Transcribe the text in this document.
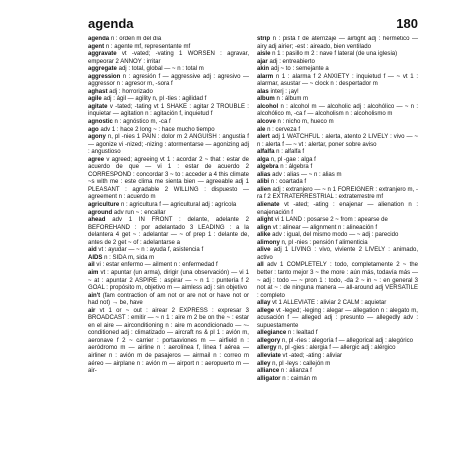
agenda	180

agenda n : orden m del día

agent n : agente mf, representante mf

aggravate vt -vated; -vating 1 WORSEN : agravar, empeorar 2 ANNOY : irritar

aggregate adj : total, global — ~ n : total m

aggression n : agresión f — aggressive adj : agresivo — aggressor n : agresor m, -sora f

aghast adj : horrorizado

agile adj : ágil — agility n, pl -ties : agilidad f

agitate v -tated; -tating vt 1 SHAKE : agitar 2 TROUBLE : inquietar — agitation n : agitación f, inquietud f

agnostic n : agnóstico m, -ca f

ago adv 1 : hace 2 long ~ : hace mucho tiempo

agony n, pl -nies 1 PAIN : dolor m 2 ANGUISH : angustia f — agonize vi -nized; -nizing : atormentarse — agonizing adj : angustioso

agree v agreed; agreeing vt 1 : acordar 2 ~ that : estar de acuerdo de que — vi 1 : estar de acuerdo 2 CORRESPOND : concordar 3 ~ to : acceder a 4 this climate ~s with me : este clima me sienta bien — agreeable adj 1 PLEASANT : agradable 2 WILLING : dispuesto — agreement n : acuerdo m

agriculture n : agricultura f — agricultural adj : agrícola

aground adv run ~ : encallar

ahead adv 1 IN FRONT : delante, adelante 2 BEFOREHAND : por adelantado 3 LEADING : a la delantera 4 get ~ : adelantar — ~ of prep 1 : delante de, antes de 2 get ~ of : adelantarse a

aid vt : ayudar — ~ n : ayuda f, asistencia f

AIDS n : SIDA m, sida m

ail vi : estar enfermo — ailment n : enfermedad f

aim vt : apuntar (un arma), dirigir (una observación) — vi 1 ~ at : apuntar 2 ASPIRE : aspirar — ~ n 1 : puntería f 2 GOAL : propósito m, objetivo m — aimless adj : sin objetivo

ain't (fam contraction of am not or are not or have not or had not) → be, have

air vt 1 or ~ out : airear 2 EXPRESS : expresar 3 BROADCAST : emitir — ~ n 1 : aire m 2 be on the ~ : estar en el aire — airconditioning n : aire m acondicionado — ~-conditioned adj : climatizado — aircraft ns & pl 1 : avión m, aeronave f 2 ~ carrier : portaaviones m — airfield n : aeródromo m — airline n : aerolínea f, línea f aérea — airliner n : avión m de pasajeros — airmail n : correo m aéreo — airplane n : avión m — airport n : aeropuerto m — air-

strip n : pista f de aterrizaje — airtight adj : hermético — airy adj airier; -est : aireado, bien ventilado

aisle n 1 : pasillo m 2 : nave f lateral (de una iglesia)

ajar adj : entreabierto

akin adj ~ to : semejante a

alarm n 1 : alarma f 2 ANXIETY : inquietud f — ~ vt 1 : alarmar, asustar — ~ clock n : despertador m

alas interj : ¡ay!

album n : álbum m

alcohol n : alcohol m — alcoholic adj : alcohólico — ~ n : alcohólico m, -ca f — alcoholism n : alcoholismo m

alcove n : nicho m, hueco m

ale n : cerveza f

alert adj 1 WATCHFUL : alerta, atento 2 LIVELY : vivo — ~ n : alerta f — ~ vt : alertar, poner sobre aviso

alfalfa n : alfalfa f

alga n, pl -gae : alga f

algebra n : álgebra f

alias adv : alias — ~ n : alias m

alibi n : coartada f

alien adj : extranjero — ~ n 1 FOREIGNER : extranjero m, -ra f 2 EXTRATERRESTRIAL : extraterrestre mf

alienate vt -ated; -ating : enajenar — alienation n : enajenación f

alight vi 1 LAND : posarse 2 ~ from : apearse de

align vt : alinear — alignment n : alineación f

alike adv : igual, del mismo modo — ~ adj : parecido

alimony n, pl -nies : pensión f alimenticia

alive adj 1 LIVING : vivo, viviente 2 LIVELY : animado, activo

all adv 1 COMPLETELY : todo, completamente 2 ~ the better : tanto mejor 3 ~ the more : aún más, todavía más — ~ adj : todo — ~ pron 1 : todo, -da 2 ~ in ~ : en general 3 not at ~ : de ninguna manera — all-around adj VERSATILE : completo

allay vt 1 ALLEVIATE : aliviar 2 CALM : aquietar

allege vt -leged; -leging : alegar — allegation n : alegato m, acusación f — alleged adj : presunto — allegedly adv : supuestamente

allegiance n : lealtad f

allegory n, pl -ries : alegoría f — allegorical adj : alegórico

allergy n, pl -gies : alergia f — allergic adj : alérgico

alleviate vt -ated; -ating : aliviar

alley n, pl -leys : callejón m

alliance n : alianza f

alligator n : caimán m
